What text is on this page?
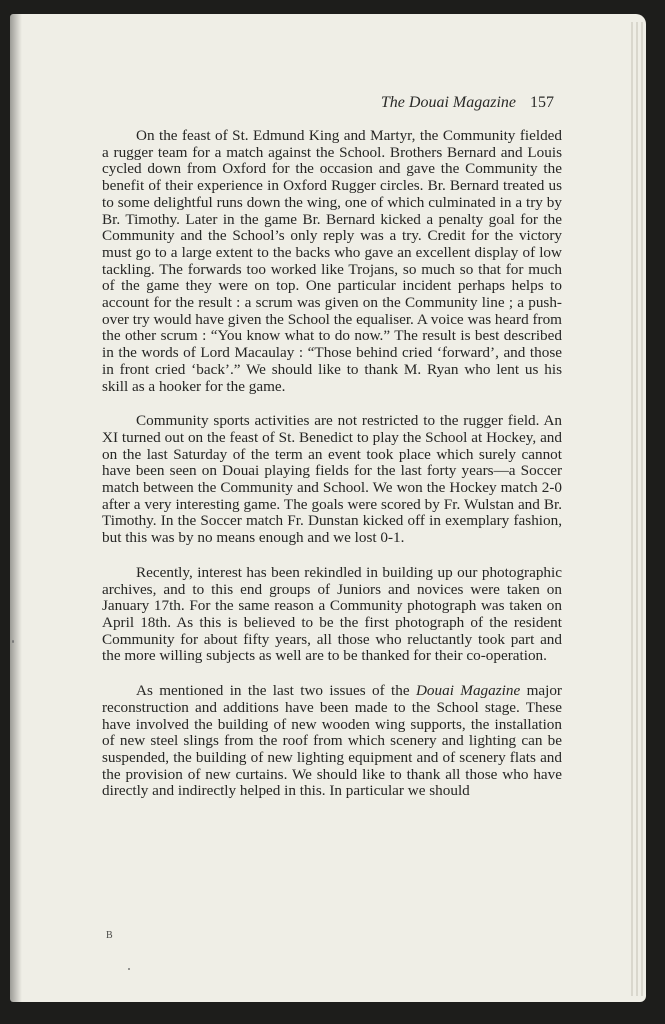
The Douai Magazine 157

On the feast of St. Edmund King and Martyr, the Community fielded a rugger team for a match against the School. Brothers Bernard and Louis cycled down from Oxford for the occasion and gave the Community the benefit of their experience in Oxford Rugger circles. Br. Bernard treated us to some delightful runs down the wing, one of which culminated in a try by Br. Timothy. Later in the game Br. Bernard kicked a penalty goal for the Community and the School’s only reply was a try. Credit for the victory must go to a large extent to the backs who gave an excellent display of low tackling. The forwards too worked like Trojans, so much so that for much of the game they were on top. One particular incident perhaps helps to account for the result : a scrum was given on the Community line ; a push-over try would have given the School the equaliser. A voice was heard from the other scrum : “You know what to do now.” The result is best described in the words of Lord Macaulay : “Those behind cried ‘forward’, and those in front cried ‘back’.” We should like to thank M. Ryan who lent us his skill as a hooker for the game.

Community sports activities are not restricted to the rugger field. An XI turned out on the feast of St. Benedict to play the School at Hockey, and on the last Saturday of the term an event took place which surely cannot have been seen on Douai playing fields for the last forty years—a Soccer match between the Community and School. We won the Hockey match 2-0 after a very interesting game. The goals were scored by Fr. Wulstan and Br. Timothy. In the Soccer match Fr. Dunstan kicked off in exemplary fashion, but this was by no means enough and we lost 0-1.

Recently, interest has been rekindled in building up our photographic archives, and to this end groups of Juniors and novices were taken on January 17th. For the same reason a Community photograph was taken on April 18th. As this is believed to be the first photograph of the resident Community for about fifty years, all those who reluctantly took part and the more willing subjects as well are to be thanked for their co-operation.

As mentioned in the last two issues of the Douai Magazine major reconstruction and additions have been made to the School stage. These have involved the building of new wooden wing supports, the installation of new steel slings from the roof from which scenery and lighting can be suspended, the building of new lighting equipment and of scenery flats and the provision of new curtains. We should like to thank all those who have directly and indirectly helped in this. In particular we should

B
